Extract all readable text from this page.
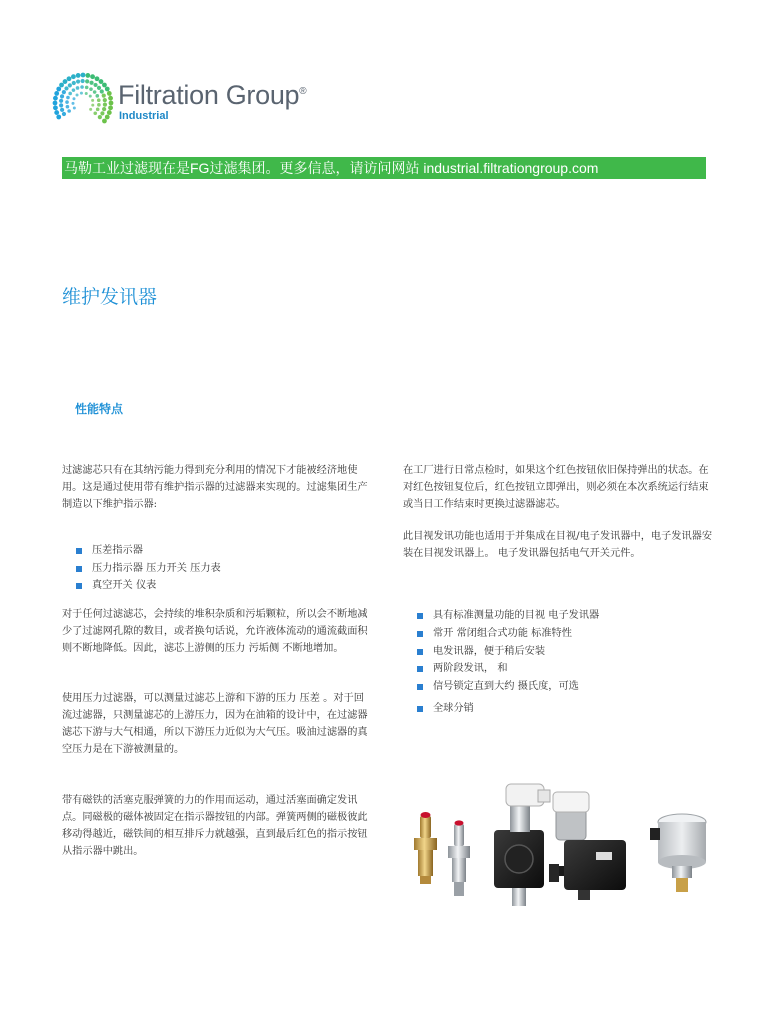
Filtration Group®
Industrial
马勒工业过滤现在是FG过滤集团。更多信息，请访问网站 industrial.filtrationgroup.com
维护发讯器
性能特点
过滤滤芯只有在其纳污能力得到充分利用的情况下才能被经济地使用。这是通过使用带有维护指示器的过滤器来实现的。过滤集团生产制造以下维护指示器:
压差指示器
压力指示器 压力开关 压力表
真空开关 仪表
对于任何过滤滤芯，会持续的堆积杂质和污垢颗粒，所以会不断地减少了过滤网孔隙的数目，或者换句话说，允许液体流动的通流截面积则不断地降低。因此，滤芯上游侧的压力 污垢侧 不断地增加。
使用压力过滤器，可以测量过滤芯上游和下游的压力 压差 。对于回流过滤器，只测量滤芯的上游压力，因为在油箱的设计中，在过滤器滤芯下游与大气相通，所以下游压力近似为大气压。吸油过滤器的真空压力是在下游被测量的。
带有磁铁的活塞克服弹簧的力的作用而运动，通过活塞面确定发讯点。同磁极的磁体被固定在指示器按钮的内部。弹簧两侧的磁极彼此移动得越近，磁铁间的相互排斥力就越强，直到最后红色的指示按钮从指示器中跳出。
在工厂进行日常点检时，如果这个红色按钮依旧保持弹出的状态。在对红色按钮复位后，红色按钮立即弹出，则必须在本次系统运行结束或当日工作结束时更换过滤器滤芯。
此目视发讯功能也适用于并集成在目视/电子发讯器中，电子发讯器安装在目视发讯器上。 电子发讯器包括电气开关元件。
具有标准测量功能的目视 电子发讯器
常开 常闭组合式功能 标准特性
电发讯器，便于稍后安装
两阶段发讯， 和
信号锁定直到大约 摄氏度，可选
全球分销
